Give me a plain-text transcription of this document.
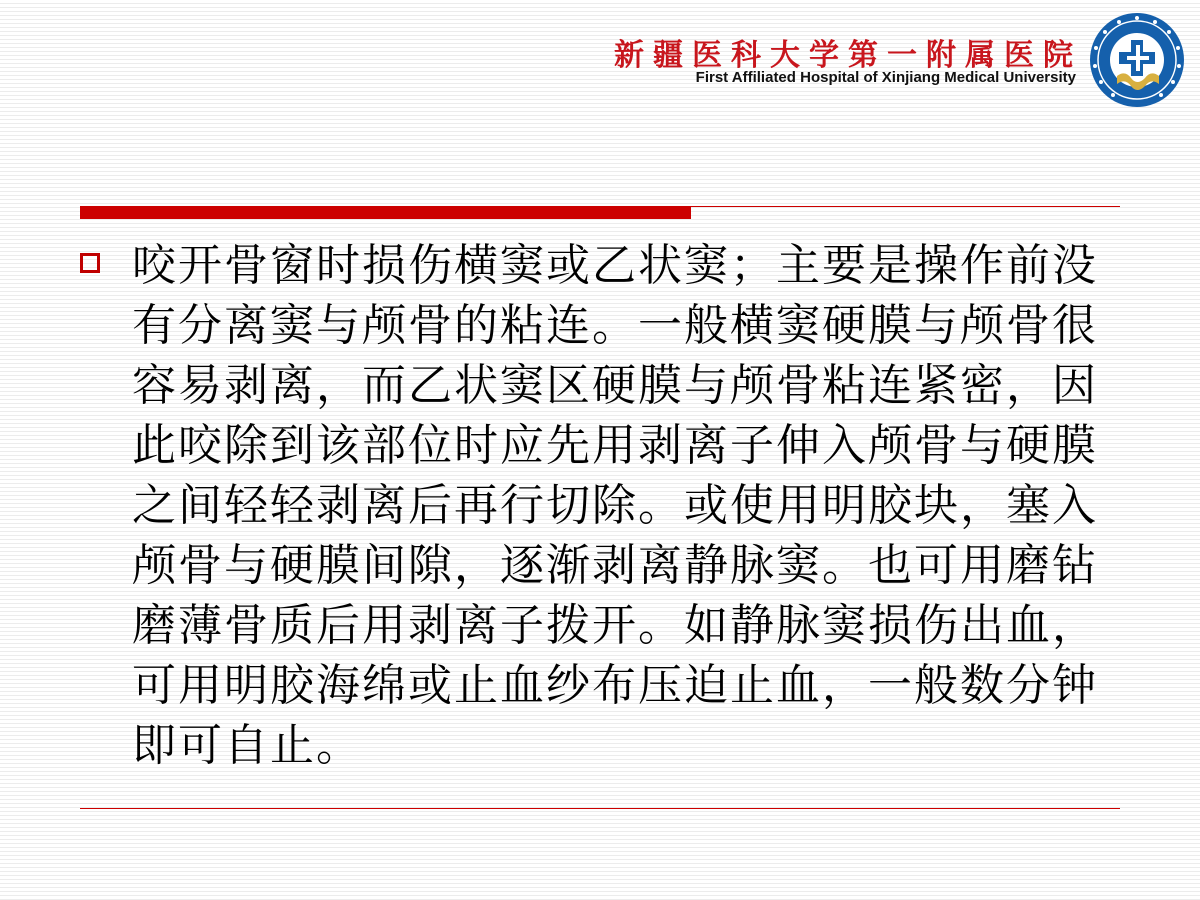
新疆医科大学第一附属医院
First Affiliated Hospital of Xinjiang Medical University

咬开骨窗时损伤横窦或乙状窦；主要是操作前没有分离窦与颅骨的粘连。一般横窦硬膜与颅骨很容易剥离，而乙状窦区硬膜与颅骨粘连紧密，因此咬除到该部位时应先用剥离子伸入颅骨与硬膜之间轻轻剥离后再行切除。或使用明胶块，塞入颅骨与硬膜间隙，逐渐剥离静脉窦。也可用磨钻磨薄骨质后用剥离子拨开。如静脉窦损伤出血，可用明胶海绵或止血纱布压迫止血，一般数分钟即可自止。
